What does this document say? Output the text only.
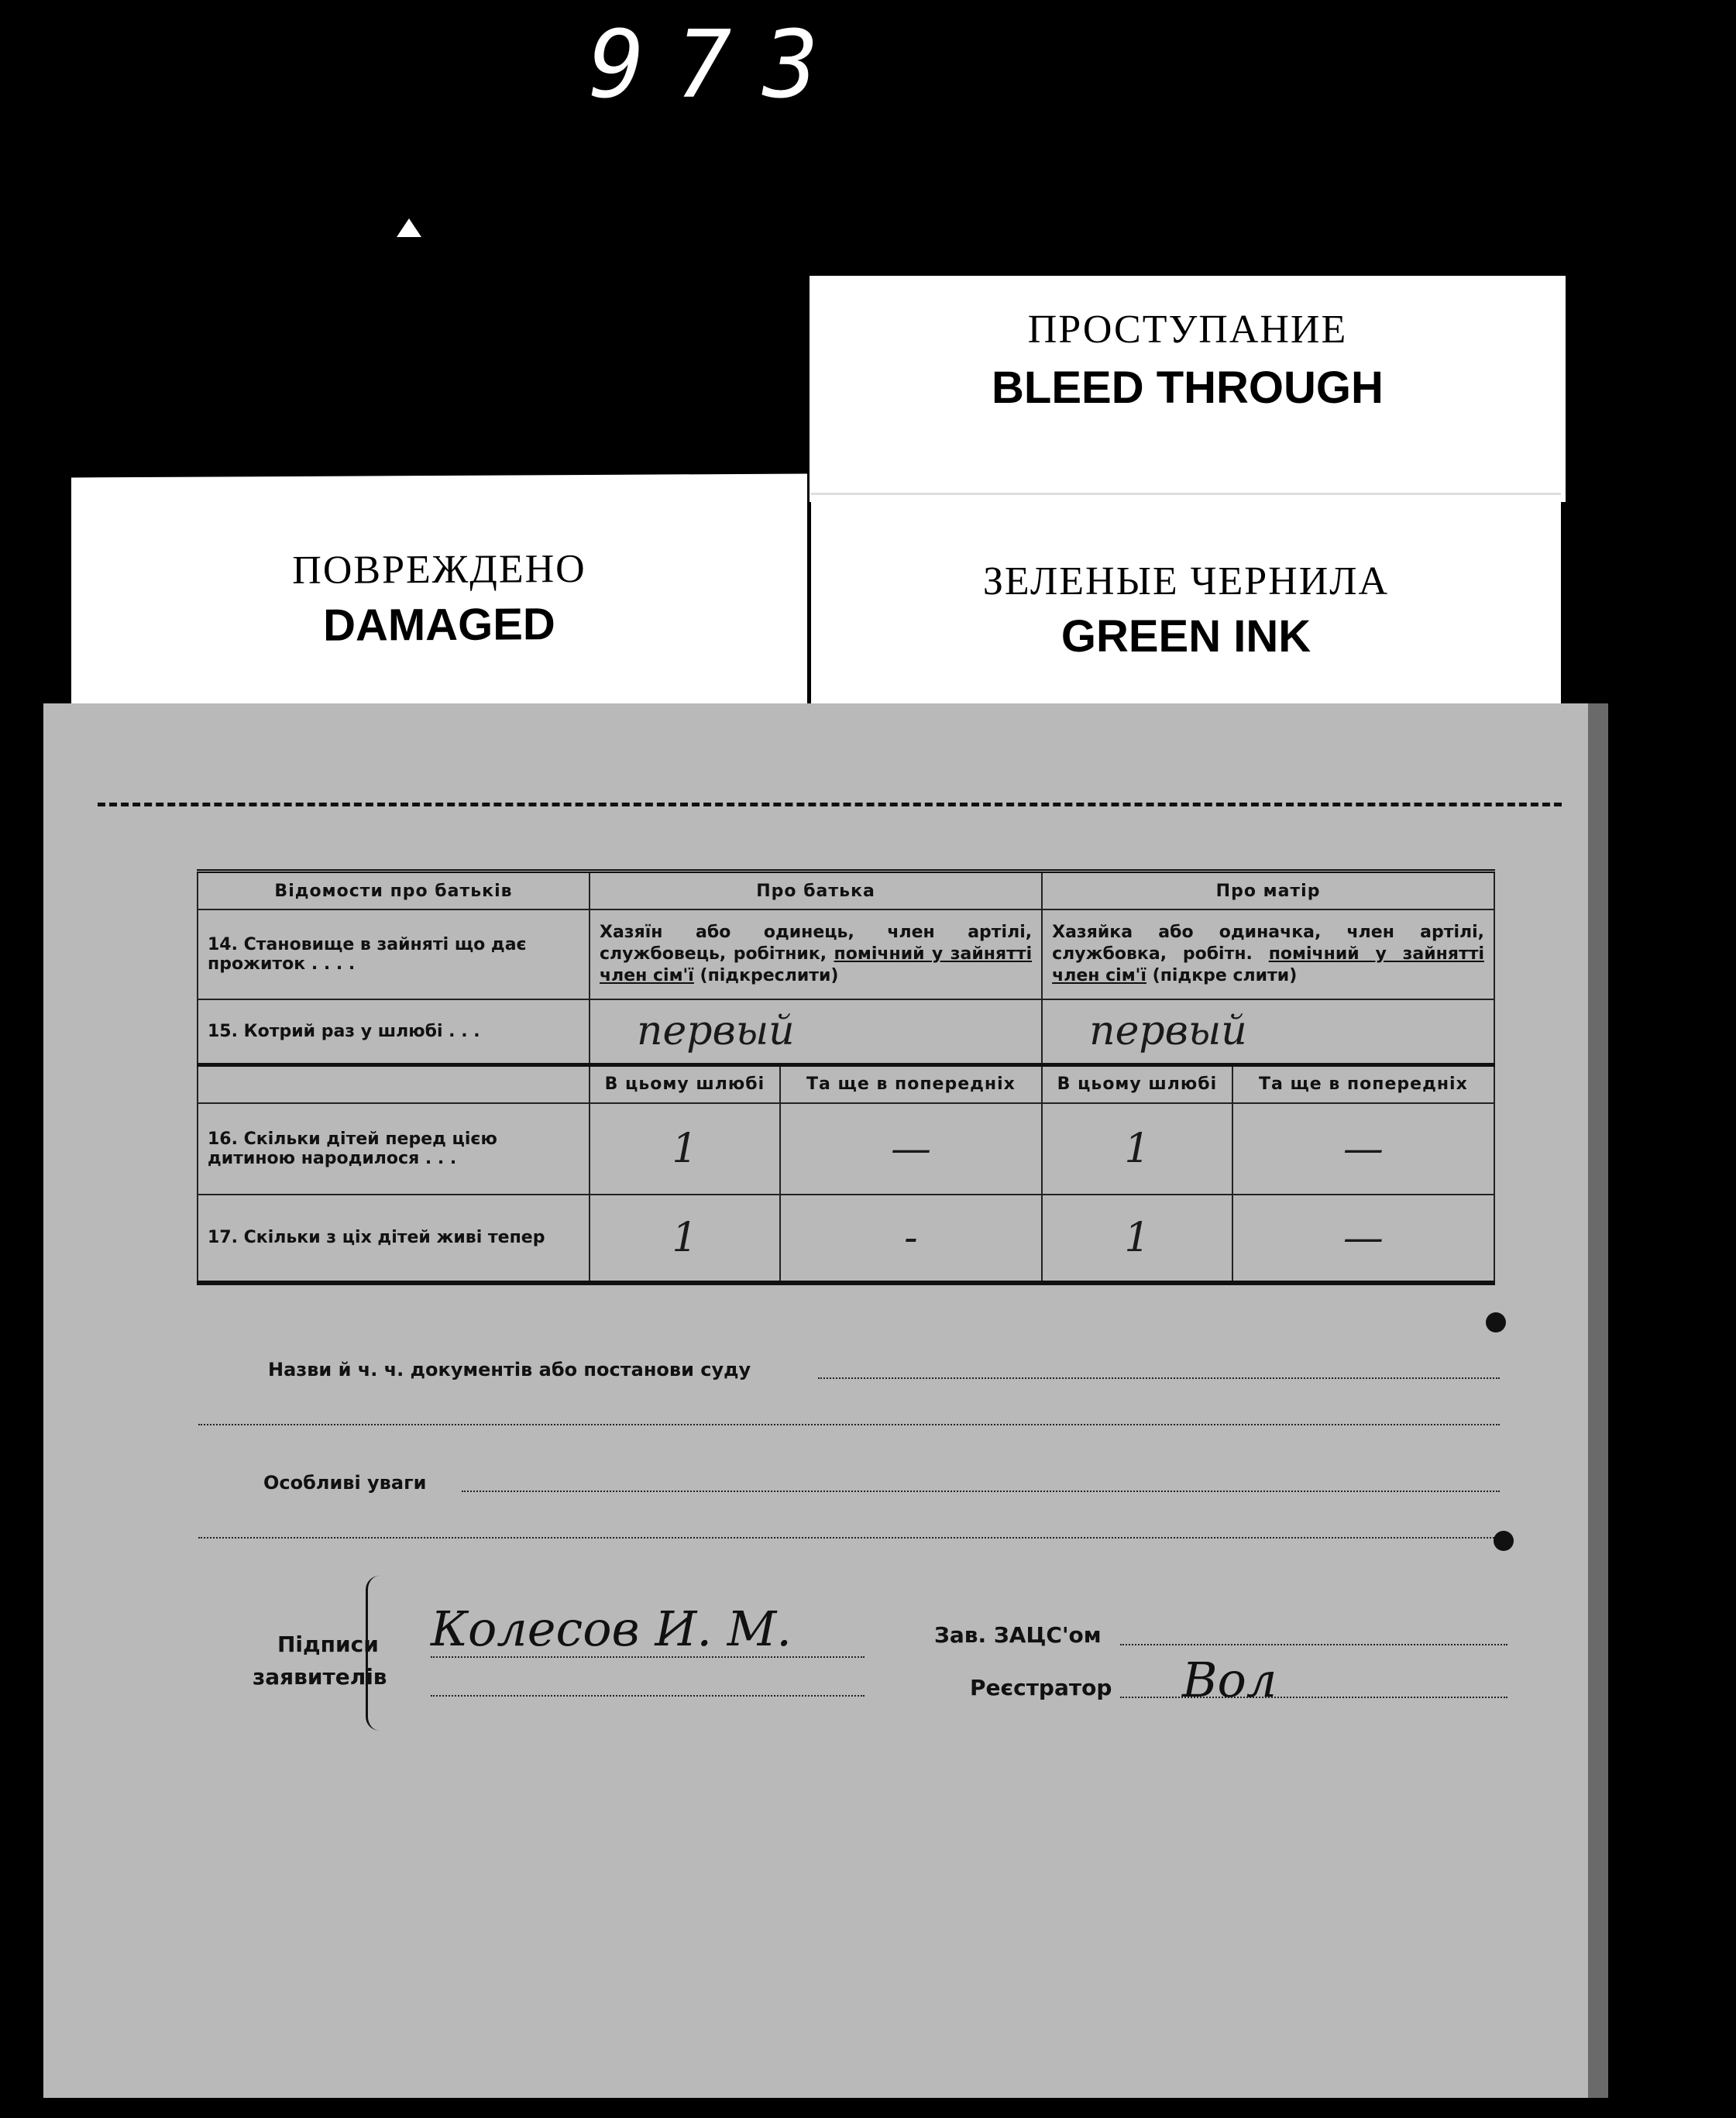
973
ПРОСТУПАНИЕ
BLEED THROUGH
ПОВРЕЖДЕНО
DAMAGED
ЗЕЛЕНЫЕ ЧЕРНИЛА
GREEN INK
Відомости про батьків	Про батька		Про матір	
14. Становище в зайняті що дає прожиток . . . .	Хазяїн або одинець, член артілі, службовець, робітник, помічний у зайнятті член сім'ї (підкреслити)		Хазяйка або одиначка, член артілі, службовка, робітн. помічний у зайнятті член сім'ї (підкре слити)	
15. Котрий раз у шлюбі . . .	первый		первый	
	В цьому шлюбі	Та ще в попередніх	В цьому шлюбі	Та ще в попередніх
16. Скільки дітей перед цією дитиною народилося . . .	1	—	1	—
17. Скільки з ціх дітей живі тепер	1	-	1	—
Назви й ч. ч. документів або постанови суду
Особливі уваги
Підписи
заявителів
Колесов И. М.	Зав. ЗАЦС'ом
Реєстратор Вол
